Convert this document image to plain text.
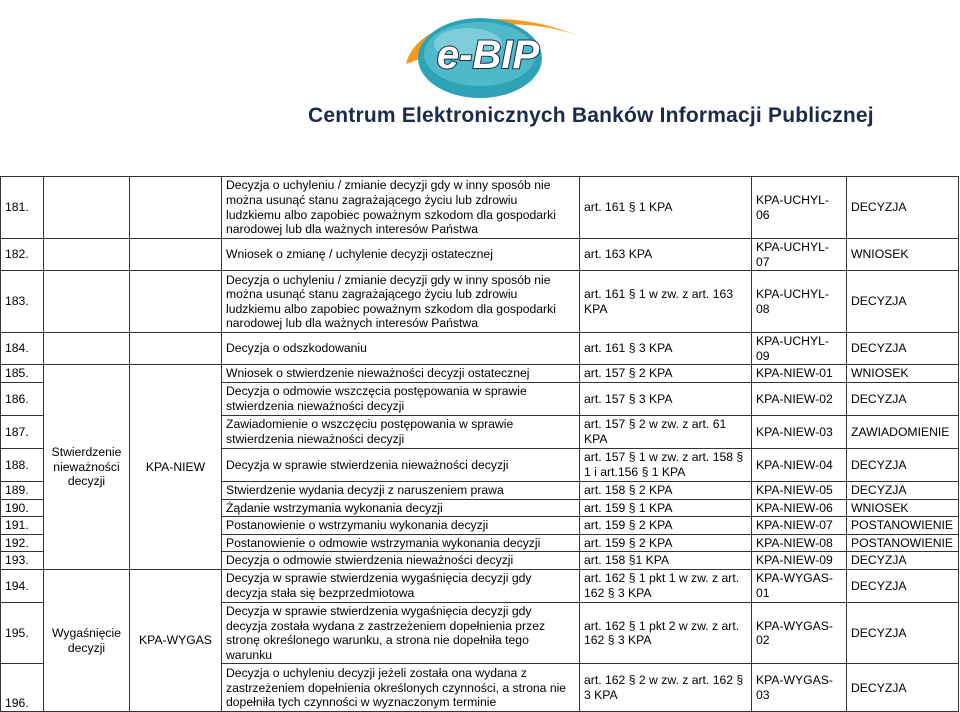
e-BIP
Centrum Elektronicznych Banków Informacji Publicznej
181.			Decyzja o uchyleniu / zmianie decyzji gdy w inny sposób nie można usunąć stanu zagrażającego życiu lub zdrowiu ludzkiemu albo zapobiec poważnym szkodom dla gospodarki narodowej lub dla ważnych interesów Państwa	art. 161 § 1 KPA	KPA-UCHYL-06	DECYZJA
182.			Wniosek o zmianę / uchylenie decyzji ostatecznej	art. 163 KPA	KPA-UCHYL-07	WNIOSEK
183.			Decyzja o uchyleniu / zmianie decyzji gdy w inny sposób nie można usunąć stanu zagrażającego życiu lub zdrowiu ludzkiemu albo zapobiec poważnym szkodom dla gospodarki narodowej lub dla ważnych interesów Państwa	art. 161 § 1 w zw. z art. 163 KPA	KPA-UCHYL-08	DECYZJA
184.			Decyzja o odszkodowaniu	art. 161 § 3 KPA	KPA-UCHYL-09	DECYZJA
185.	Stwierdzenie nieważności decyzji	KPA-NIEW	Wniosek o stwierdzenie nieważności decyzji ostatecznej	art. 157 § 2 KPA	KPA-NIEW-01	WNIOSEK
186.			Decyzja o odmowie wszczęcia postępowania w sprawie stwierdzenia nieważności decyzji	art. 157 § 3 KPA	KPA-NIEW-02	DECYZJA
187.			Zawiadomienie o wszczęciu postępowania w sprawie stwierdzenia nieważności decyzji	art. 157 § 2 w zw. z art. 61 KPA	KPA-NIEW-03	ZAWIADOMIENIE
188.			Decyzja w sprawie stwierdzenia nieważności decyzji	art. 157 § 1 w zw. z art. 158 § 1 i art.156 § 1 KPA	KPA-NIEW-04	DECYZJA
189.			Stwierdzenie wydania decyzji z naruszeniem prawa	art. 158 § 2 KPA	KPA-NIEW-05	DECYZJA
190.			Żądanie wstrzymania wykonania decyzji	art. 159 § 1 KPA	KPA-NIEW-06	WNIOSEK
191.			Postanowienie o wstrzymaniu wykonania decyzji	art. 159 § 2 KPA	KPA-NIEW-07	POSTANOWIENIE
192.			Postanowienie o odmowie wstrzymania wykonania decyzji	art. 159 § 2 KPA	KPA-NIEW-08	POSTANOWIENIE
193.			Decyzja o odmowie stwierdzenia nieważności decyzji	art. 158 §1 KPA	KPA-NIEW-09	DECYZJA
194.	Wygaśnięcie decyzji	KPA-WYGAS	Decyzja w sprawie stwierdzenia wygaśnięcia decyzji gdy decyzja stała się bezprzedmiotowa	art. 162 § 1 pkt 1 w zw. z art. 162 § 3 KPA	KPA-WYGAS-01	DECYZJA
195.			Decyzja w sprawie stwierdzenia wygaśnięcia decyzji gdy decyzja została wydana z zastrzeżeniem dopełnienia przez stronę określonego warunku, a strona nie dopełniła tego warunku	art. 162 § 1 pkt 2 w zw. z art. 162 § 3 KPA	KPA-WYGAS-02	DECYZJA
196.			Decyzja o uchyleniu decyzji jeżeli została ona wydana z zastrzeżeniem dopełnienia określonych czynności, a strona nie dopełniła tych czynności w wyznaczonym terminie	art. 162 § 2 w zw. z art. 162 § 3 KPA	KPA-WYGAS-03	DECYZJA
